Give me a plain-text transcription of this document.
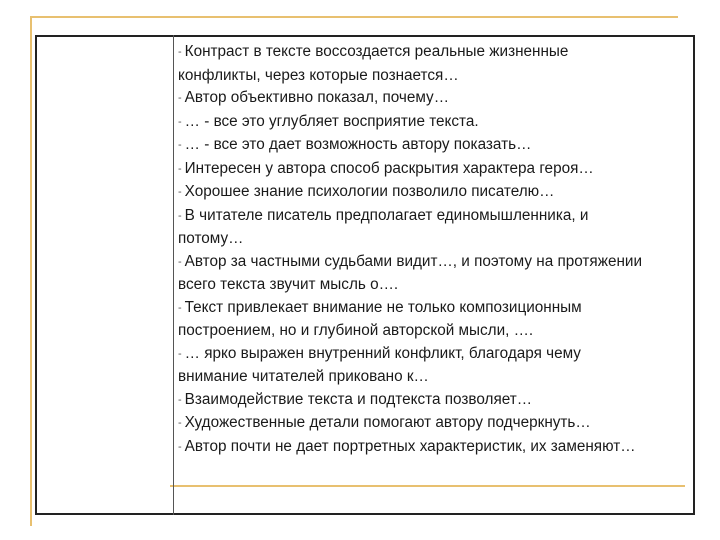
- Контраст в тексте воссоздается реальные жизненные конфликты, через которые познается…
- Автор объективно показал, почему…
- … - все это углубляет восприятие текста.
- … - все это дает возможность автору показать…
- Интересен у автора способ раскрытия характера героя…
- Хорошее знание психологии позволило писателю…
- В читателе писатель предполагает единомышленника, и потому…
- Автор за частными судьбами видит…, и поэтому на протяжении всего текста звучит мысль о….
- Текст привлекает внимание не только композиционным построением, но и глубиной авторской мысли, ….
- … ярко выражен внутренний конфликт, благодаря чему внимание читателей приковано к…
- Взаимодействие текста и подтекста позволяет…
- Художественные детали помогают автору подчеркнуть…
- Автор почти не дает портретных характеристик, их заменяют…
